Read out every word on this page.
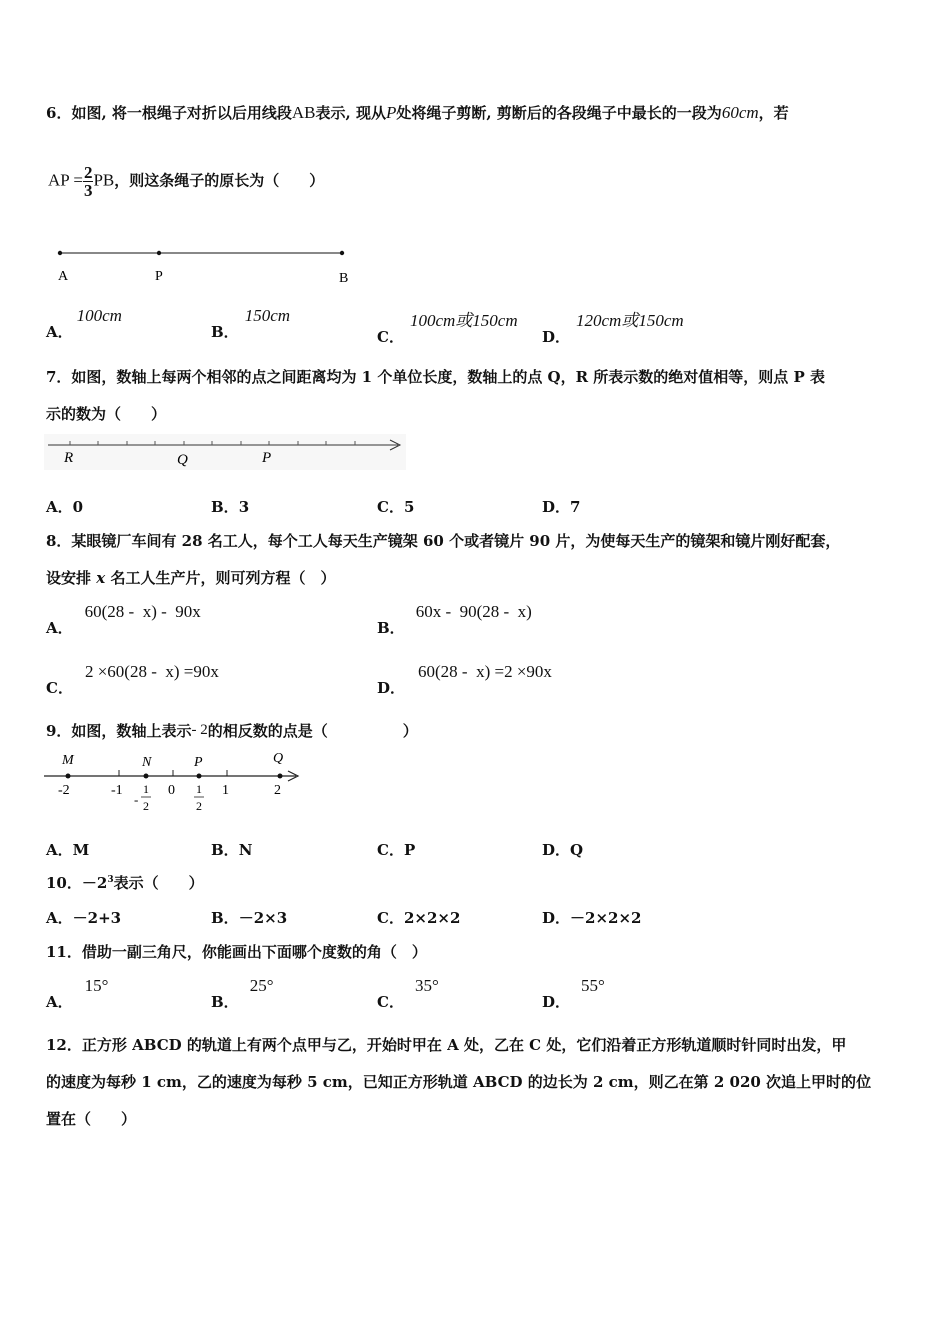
6．如图, 将一根绳子对折以后用线段AB表示, 现从P处将绳子剪断, 剪断后的各段绳子中最长的一段为60cm，若
AP = $\frac{2}{3}$ PB，则这条绳子的原长为（　　）
A	P	B
A．100cm
B．150cm
C．100cm或150cm
D．120cm或150cm
7．如图，数轴上每两个相邻的点之间距离均为 1 个单位长度，数轴上的点 Q，R 所表示数的绝对值相等，则点 P 表
示的数为（　　）
R	Q	P
A．0	B．3	C．5	D．7
8．某眼镜厂车间有 28 名工人，每个工人每天生产镜架 60 个或者镜片 90 片，为使每天生产的镜架和镜片刚好配套，
设安排 x 名工人生产片，则可列方程（　）
A．60(28 -  x) -  90x
B．60x -  90(28 -  x)
C．2 ×60(28 -  x) =90x
D．60(28 -  x) =2 ×90x
9．如图，数轴上表示- 2的相反数的点是（　　　　　）
M	N	P	Q
-2	-1	0	1	2
-
1
2
1
2
A．M	B．N	C．P	D．Q
10．$-2^3$表示（　　）
A．－2+3	B．－2×3	C．2×2×2	D．－2×2×2
11．借助一副三角尺，你能画出下面哪个度数的角（　）
A．15°
B．25°
C．35°
D．55°
12．正方形 ABCD 的轨道上有两个点甲与乙，开始时甲在 A 处，乙在 C 处，它们沿着正方形轨道顺时针同时出发，甲
的速度为每秒 1 cm，乙的速度为每秒 5 cm，已知正方形轨道 ABCD 的边长为 2 cm，则乙在第 2 020 次追上甲时的位
置在（　　）
